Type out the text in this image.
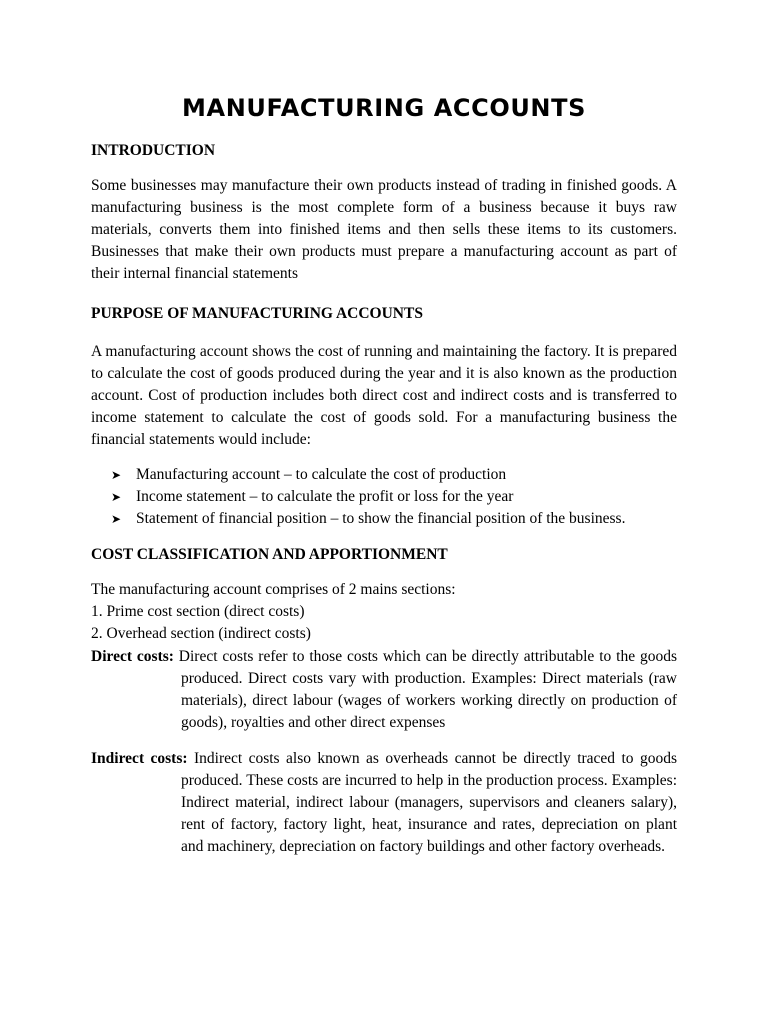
MANUFACTURING ACCOUNTS
INTRODUCTION

Some businesses may manufacture their own products instead of trading in finished goods. A manufacturing business is the most complete form of a business because it buys raw materials, converts them into finished items and then sells these items to its customers. Businesses that make their own products must prepare a manufacturing account as part of their internal financial statements

PURPOSE OF MANUFACTURING ACCOUNTS

A manufacturing account shows the cost of running and maintaining the factory. It is prepared to calculate the cost of goods produced during the year and it is also known as the production account. Cost of production includes both direct cost and indirect costs and is transferred to income statement to calculate the cost of goods sold. For a manufacturing business the financial statements would include:

➤ Manufacturing account – to calculate the cost of production
➤ Income statement – to calculate the profit or loss for the year
➤ Statement of financial position – to show the financial position of the business.
COST CLASSIFICATION AND APPORTIONMENT
The manufacturing account comprises of 2 mains sections:
1. Prime cost section (direct costs)
2. Overhead section (indirect costs)

Direct costs: Direct costs refer to those costs which can be directly attributable to the goods produced. Direct costs vary with production. Examples: Direct materials (raw materials), direct labour (wages of workers working directly on production of goods), royalties and other direct expenses

Indirect costs: Indirect costs also known as overheads cannot be directly traced to goods produced. These costs are incurred to help in the production process. Examples: Indirect material, indirect labour (managers, supervisors and cleaners salary), rent of factory, factory light, heat, insurance and rates, depreciation on plant and machinery, depreciation on factory buildings and other factory overheads.
